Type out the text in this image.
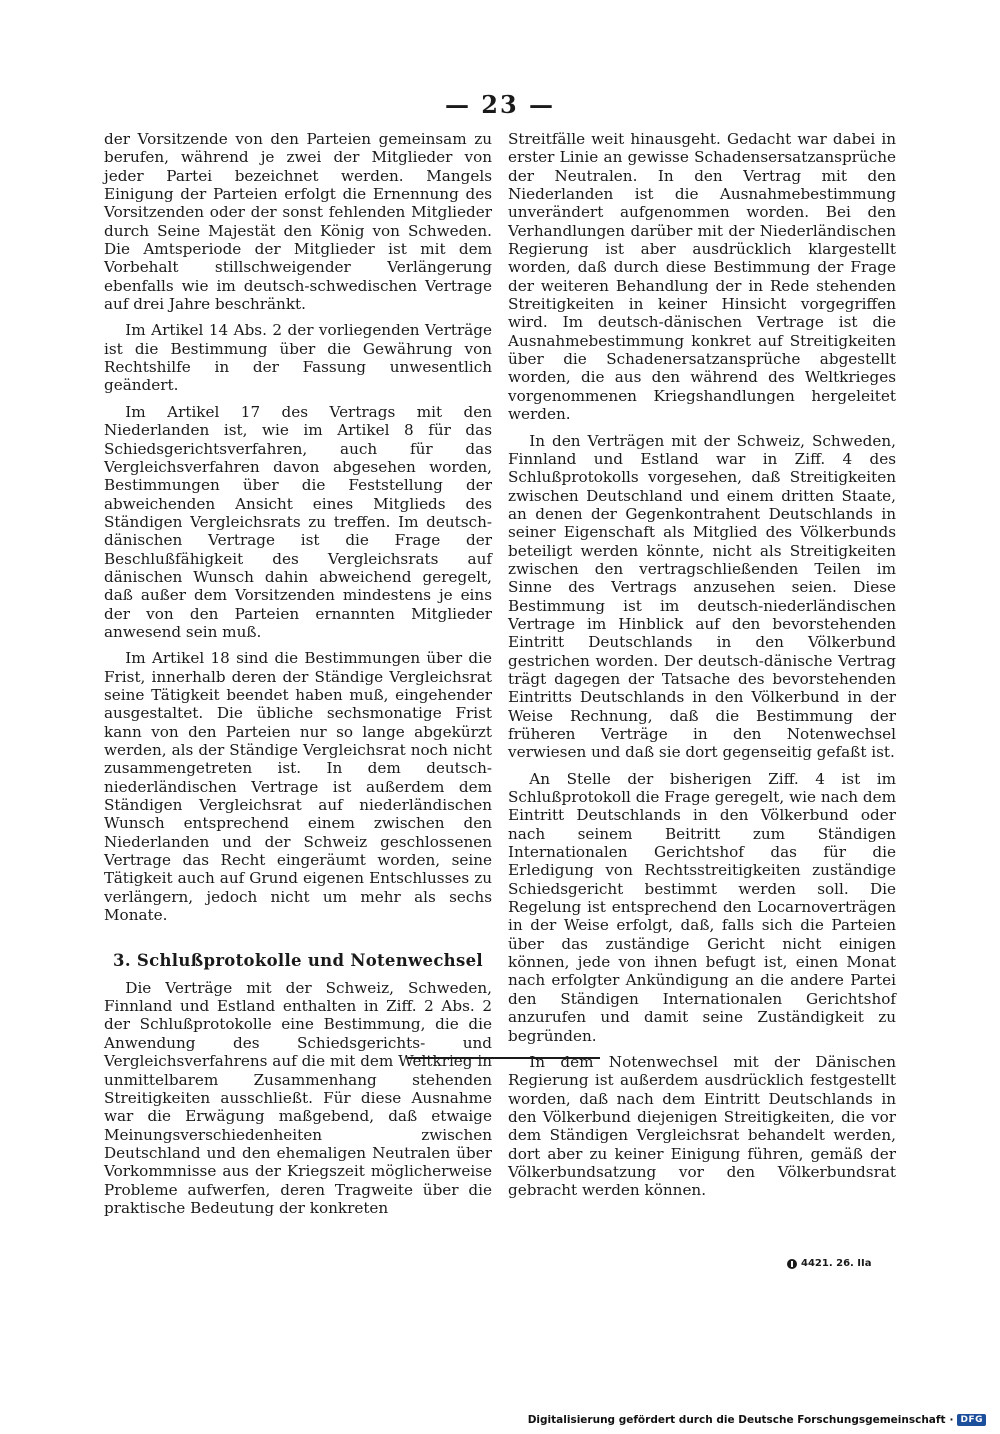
— 23 —

der Vorsitzende von den Parteien gemeinsam zu berufen, während je zwei der Mitglieder von jeder Partei bezeichnet werden. Mangels Einigung der Parteien erfolgt die Ernennung des Vorsitzenden oder der sonst fehlenden Mitglieder durch Seine Majestät den König von Schweden. Die Amtsperiode der Mitglieder ist mit dem Vorbehalt stillschweigender Verlängerung ebenfalls wie im deutsch-schwedischen Vertrage auf drei Jahre beschränkt.

Im Artikel 14 Abs. 2 der vorliegenden Verträge ist die Bestimmung über die Gewährung von Rechtshilfe in der Fassung unwesentlich geändert.

Im Artikel 17 des Vertrags mit den Niederlanden ist, wie im Artikel 8 für das Schiedsgerichtsverfahren, auch für das Vergleichsverfahren davon abgesehen worden, Bestimmungen über die Feststellung der abweichenden Ansicht eines Mitglieds des Ständigen Vergleichsrats zu treffen. Im deutsch-dänischen Vertrage ist die Frage der Beschlußfähigkeit des Vergleichsrats auf dänischen Wunsch dahin abweichend geregelt, daß außer dem Vorsitzenden mindestens je eins der von den Parteien ernannten Mitglieder anwesend sein muß.

Im Artikel 18 sind die Bestimmungen über die Frist, innerhalb deren der Ständige Vergleichsrat seine Tätigkeit beendet haben muß, eingehender ausgestaltet. Die übliche sechsmonatige Frist kann von den Parteien nur so lange abgekürzt werden, als der Ständige Vergleichsrat noch nicht zusammengetreten ist. In dem deutsch-niederländischen Vertrage ist außerdem dem Ständigen Vergleichsrat auf niederländischen Wunsch entsprechend einem zwischen den Niederlanden und der Schweiz geschlossenen Vertrage das Recht eingeräumt worden, seine Tätigkeit auch auf Grund eigenen Entschlusses zu verlängern, jedoch nicht um mehr als sechs Monate.

3. Schlußprotokolle und Notenwechsel

Die Verträge mit der Schweiz, Schweden, Finnland und Estland enthalten in Ziff. 2 Abs. 2 der Schlußprotokolle eine Bestimmung, die die Anwendung des Schiedsgerichts- und Vergleichsverfahrens auf die mit dem Weltkrieg in unmittelbarem Zusammenhang stehenden Streitigkeiten ausschließt. Für diese Ausnahme war die Erwägung maßgebend, daß etwaige Meinungsverschiedenheiten zwischen Deutschland und den ehemaligen Neutralen über Vorkommnisse aus der Kriegszeit möglicherweise Probleme aufwerfen, deren Tragweite über die praktische Bedeutung der konkreten

Streitfälle weit hinausgeht. Gedacht war dabei in erster Linie an gewisse Schadensersatzansprüche der Neutralen. In den Vertrag mit den Niederlanden ist die Ausnahmebestimmung unverändert aufgenommen worden. Bei den Verhandlungen darüber mit der Niederländischen Regierung ist aber ausdrücklich klargestellt worden, daß durch diese Bestimmung der Frage der weiteren Behandlung der in Rede stehenden Streitigkeiten in keiner Hinsicht vorgegriffen wird. Im deutsch-dänischen Vertrage ist die Ausnahmebestimmung konkret auf Streitigkeiten über die Schadenersatzansprüche abgestellt worden, die aus den während des Weltkrieges vorgenommenen Kriegshandlungen hergeleitet werden.

In den Verträgen mit der Schweiz, Schweden, Finnland und Estland war in Ziff. 4 des Schlußprotokolls vorgesehen, daß Streitigkeiten zwischen Deutschland und einem dritten Staate, an denen der Gegenkontrahent Deutschlands in seiner Eigenschaft als Mitglied des Völkerbunds beteiligt werden könnte, nicht als Streitigkeiten zwischen den vertragschließenden Teilen im Sinne des Vertrags anzusehen seien. Diese Bestimmung ist im deutsch-niederländischen Vertrage im Hinblick auf den bevorstehenden Eintritt Deutschlands in den Völkerbund gestrichen worden. Der deutsch-dänische Vertrag trägt dagegen der Tatsache des bevorstehenden Eintritts Deutschlands in den Völkerbund in der Weise Rechnung, daß die Bestimmung der früheren Verträge in den Notenwechsel verwiesen und daß sie dort gegenseitig gefaßt ist.

An Stelle der bisherigen Ziff. 4 ist im Schlußprotokoll die Frage geregelt, wie nach dem Eintritt Deutschlands in den Völkerbund oder nach seinem Beitritt zum Ständigen Internationalen Gerichtshof das für die Erledigung von Rechtsstreitigkeiten zuständige Schiedsgericht bestimmt werden soll. Die Regelung ist entsprechend den Locarnoverträgen in der Weise erfolgt, daß, falls sich die Parteien über das zuständige Gericht nicht einigen können, jede von ihnen befugt ist, einen Monat nach erfolgter Ankündigung an die andere Partei den Ständigen Internationalen Gerichtshof anzurufen und damit seine Zuständigkeit zu begründen.

In dem Notenwechsel mit der Dänischen Regierung ist außerdem ausdrücklich festgestellt worden, daß nach dem Eintritt Deutschlands in den Völkerbund diejenigen Streitigkeiten, die vor dem Ständigen Vergleichsrat behandelt werden, dort aber zu keiner Einigung führen, gemäß der Völkerbundsatzung vor den Völkerbundsrat gebracht werden können.

4421. 26. IIa
Digitalisierung gefördert durch die Deutsche Forschungsgemeinschaft · DFG
